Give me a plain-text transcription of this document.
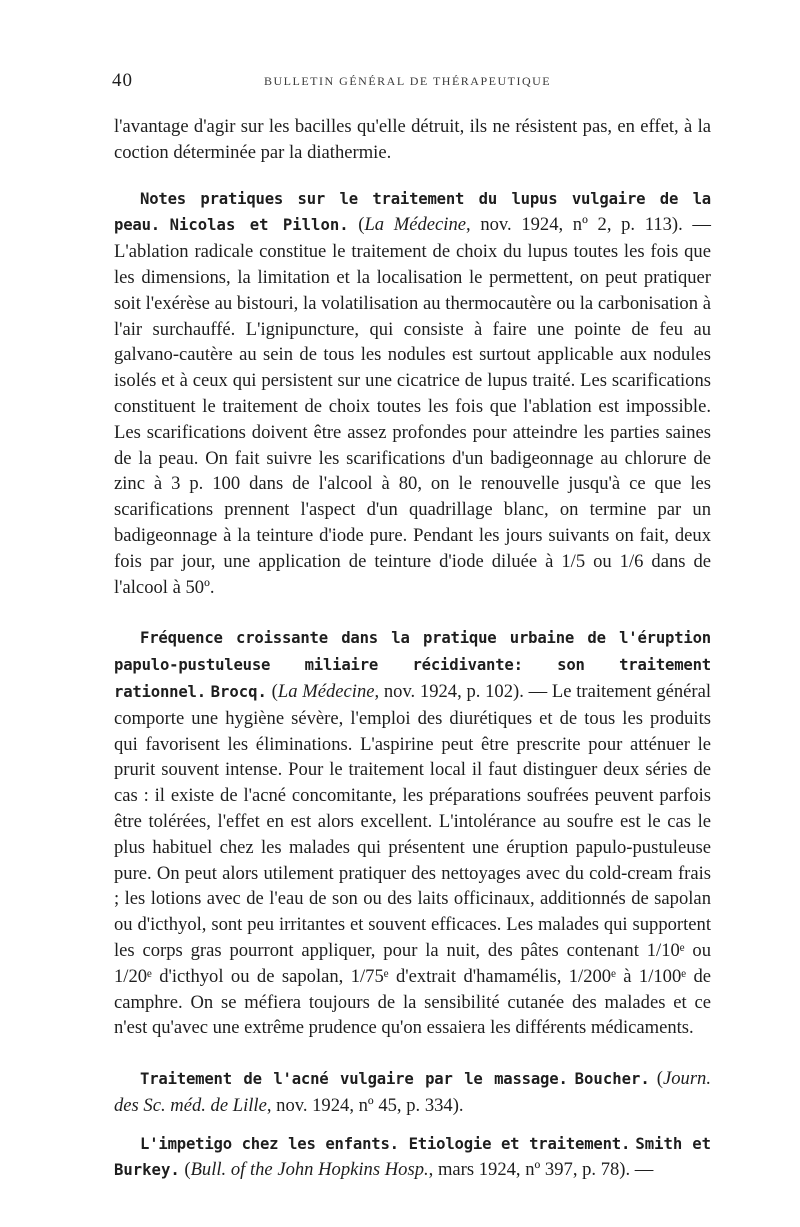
40	BULLETIN GÉNÉRAL DE THÉRAPEUTIQUE

l'avantage d'agir sur les bacilles qu'elle détruit, ils ne résistent pas, en effet, à la coction déterminée par la diathermie.

Notes pratiques sur le traitement du lupus vulgaire de la peau. Nicolas et Pillon. (La Médecine, nov. 1924, nº 2, p. 113). — L'ablation radicale constitue le traitement de choix du lupus toutes les fois que les dimensions, la limitation et la localisation le permettent, on peut pratiquer soit l'exérèse au bistouri, la volatilisation au thermocautère ou la carbonisation à l'air surchauffé. L'ignipuncture, qui consiste à faire une pointe de feu au galvano-cautère au sein de tous les nodules est surtout applicable aux nodules isolés et à ceux qui persistent sur une cicatrice de lupus traité. Les scarifications constituent le traitement de choix toutes les fois que l'ablation est impossible. Les scarifications doivent être assez profondes pour atteindre les parties saines de la peau. On fait suivre les scarifications d'un badigeonnage au chlorure de zinc à 3 p. 100 dans de l'alcool à 80, on le renouvelle jusqu'à ce que les scarifications prennent l'aspect d'un quadrillage blanc, on termine par un badigeonnage à la teinture d'iode pure. Pendant les jours suivants on fait, deux fois par jour, une application de teinture d'iode diluée à 1/5 ou 1/6 dans de l'alcool à 50º.

Fréquence croissante dans la pratique urbaine de l'éruption papulo-pustuleuse miliaire récidivante: son traitement rationnel. Brocq. (La Médecine, nov. 1924, p. 102). — Le traitement général comporte une hygiène sévère, l'emploi des diurétiques et de tous les produits qui favorisent les éliminations. L'aspirine peut être prescrite pour atténuer le prurit souvent intense. Pour le traitement local il faut distinguer deux séries de cas : il existe de l'acné concomitante, les préparations soufrées peuvent parfois être tolérées, l'effet en est alors excellent. L'intolérance au soufre est le cas le plus habituel chez les malades qui présentent une éruption papulo-pustuleuse pure. On peut alors utilement pratiquer des nettoyages avec du cold-cream frais ; les lotions avec de l'eau de son ou des laits officinaux, additionnés de sapolan ou d'icthyol, sont peu irritantes et souvent efficaces. Les malades qui supportent les corps gras pourront appliquer, pour la nuit, des pâtes contenant 1/10ᵉ ou 1/20ᵉ d'icthyol ou de sapolan, 1/75ᵉ d'extrait d'hamamélis, 1/200ᵉ à 1/100ᵉ de camphre. On se méfiera toujours de la sensibilité cutanée des malades et ce n'est qu'avec une extrême prudence qu'on essaiera les différents médicaments.

Traitement de l'acné vulgaire par le massage. Boucher. (Journ. des Sc. méd. de Lille, nov. 1924, nº 45, p. 334).

L'impetigo chez les enfants. Etiologie et traitement. Smith et Burkey. (Bull. of the John Hopkins Hosp., mars 1924, nº 397, p. 78). —
